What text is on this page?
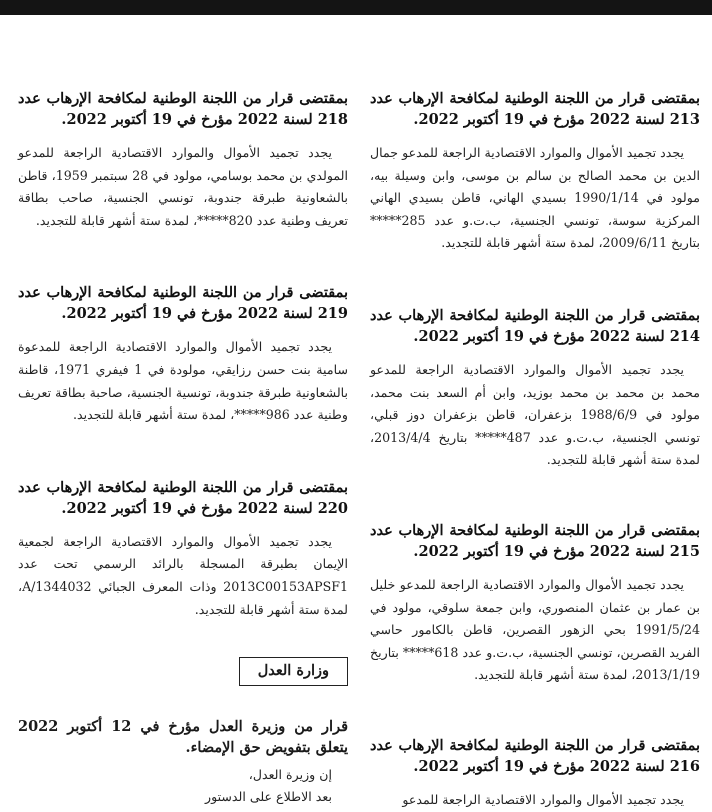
بمقتضى قرار من اللجنة الوطنية لمكافحة الإرهاب عدد 213 لسنة 2022 مؤرخ في 19 أكتوبر 2022.

يجدد تجميد الأموال والموارد الاقتصادية الراجعة للمدعو جمال الدين بن محمد الصالح بن سالم بن موسى، وابن وسيلة بيه، مولود في 1990/1/14 بسيدي الهاني، قاطن بسيدي الهاني المركزية سوسة، تونسي الجنسية، ب.ت.و عدد 285***** بتاريخ 2009/6/11، لمدة ستة أشهر قابلة للتجديد.

بمقتضى قرار من اللجنة الوطنية لمكافحة الإرهاب عدد 214 لسنة 2022 مؤرخ في 19 أكتوبر 2022.

يجدد تجميد الأموال والموارد الاقتصادية الراجعة للمدعو محمد بن محمد بن محمد بوزيد، وابن أم السعد بنت محمد، مولود في 1988/6/9 بزعفران، قاطن بزعفران دوز قبلي، تونسي الجنسية، ب.ت.و عدد 487***** بتاريخ 2013/4/4، لمدة ستة أشهر قابلة للتجديد.

بمقتضى قرار من اللجنة الوطنية لمكافحة الإرهاب عدد 215 لسنة 2022 مؤرخ في 19 أكتوبر 2022.

يجدد تجميد الأموال والموارد الاقتصادية الراجعة للمدعو خليل بن عمار بن عثمان المنصوري، وابن جمعة سلوقي، مولود في 1991/5/24 بحي الزهور القصرين، قاطن بالكامور حاسي الفريد القصرين، تونسي الجنسية، ب.ت.و عدد 618***** بتاريخ 2013/1/19، لمدة ستة أشهر قابلة للتجديد.

بمقتضى قرار من اللجنة الوطنية لمكافحة الإرهاب عدد 216 لسنة 2022 مؤرخ في 19 أكتوبر 2022.

يجدد تجميد الأموال والموارد الاقتصادية الراجعة للمدعو

بمقتضى قرار من اللجنة الوطنية لمكافحة الإرهاب عدد 218 لسنة 2022 مؤرخ في 19 أكتوبر 2022.

يجدد تجميد الأموال والموارد الاقتصادية الراجعة للمدعو المولدي بن محمد بوسامي، مولود في 28 سبتمبر 1959، قاطن بالشعاونية طبرقة جندوبة، تونسي الجنسية، صاحب بطاقة تعريف وطنية عدد 820*****، لمدة ستة أشهر قابلة للتجديد.

بمقتضى قرار من اللجنة الوطنية لمكافحة الإرهاب عدد 219 لسنة 2022 مؤرخ في 19 أكتوبر 2022.

يجدد تجميد الأموال والموارد الاقتصادية الراجعة للمدعوة سامية بنت حسن رزايقي، مولودة في 1 فيفري 1971، قاطنة بالشعاونية طبرقة جندوبة، تونسية الجنسية، صاحبة بطاقة تعريف وطنية عدد 986*****، لمدة ستة أشهر قابلة للتجديد.

بمقتضى قرار من اللجنة الوطنية لمكافحة الإرهاب عدد 220 لسنة 2022 مؤرخ في 19 أكتوبر 2022.

يجدد تجميد الأموال والموارد الاقتصادية الراجعة لجمعية الإيمان بطبرقة المسجلة بالرائد الرسمي تحت عدد 2013C00153APSF1 وذات المعرف الجبائي A/1344032، لمدة ستة أشهر قابلة للتجديد.

وزارة العدل
قرار من وزيرة العدل مؤرخ في 12 أكتوبر 2022 يتعلق بتفويض حق الإمضاء.

إن وزيرة العدل،

بعد الاطلاع على الدستور
